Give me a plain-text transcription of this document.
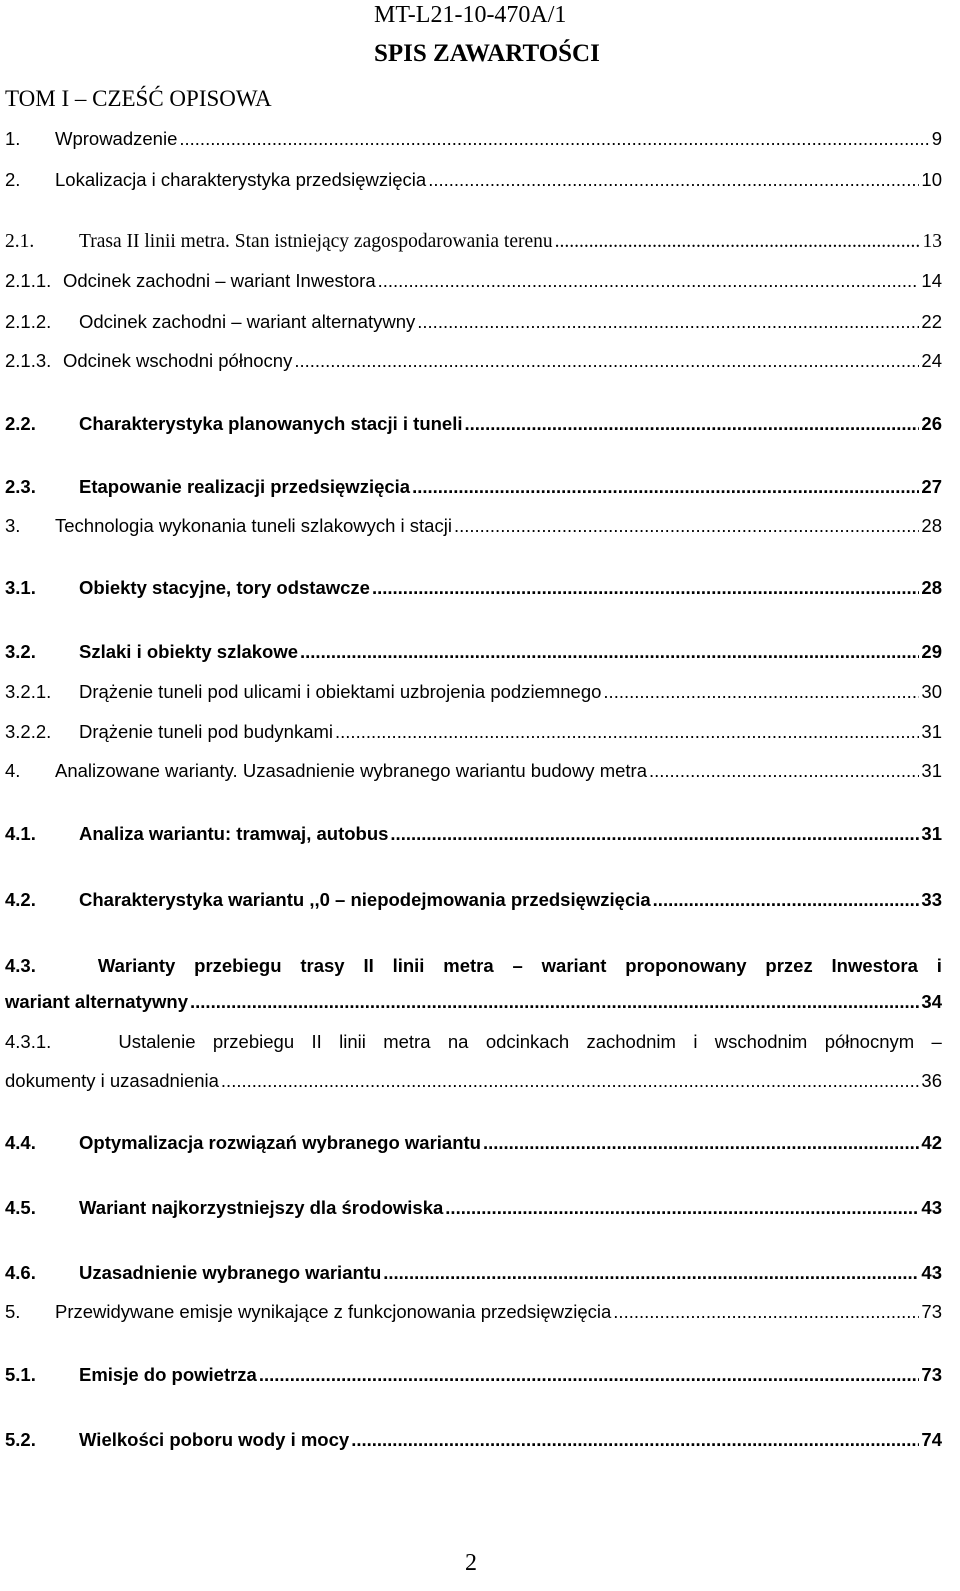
MT-L21-10-470A/1
SPIS ZAWARTOŚCI
TOM I – CZEŚĆ OPISOWA
1.	Wprowadzenie .....	9
2.	Lokalizacja i charakterystyka przedsięwzięcia .....	10
2.1.	Trasa II linii metra. Stan istniejący zagospodarowania terenu .....	13
2.1.1. Odcinek zachodni – wariant Inwestora .....	14
2.1.2.	Odcinek zachodni – wariant alternatywny .....	22
2.1.3. Odcinek wschodni północny .....	24
2.2.	Charakterystyka planowanych stacji i tuneli .....	26
2.3.	Etapowanie realizacji przedsięwzięcia .....	27
3.	Technologia wykonania tuneli szlakowych i stacji .....	28
3.1.	Obiekty stacyjne, tory odstawcze .....	28
3.2.	Szlaki i obiekty szlakowe .....	29
3.2.1.	Drążenie tuneli pod ulicami i obiektami uzbrojenia podziemnego .....	30
3.2.2.	Drążenie tuneli pod budynkami .....	31
4.	Analizowane warianty. Uzasadnienie wybranego wariantu budowy metra .....	31
4.1.	Analiza wariantu: tramwaj, autobus .....	31
4.2.	Charakterystyka wariantu ,,0 – niepodejmowania przedsięwzięcia .....	33
4.3.	Warianty przebiegu trasy II linii metra – wariant proponowany przez Inwestora i
wariant alternatywny .....	34
4.3.1.	Ustalenie przebiegu II linii metra na odcinkach zachodnim i wschodnim północnym –
dokumenty i uzasadnienia .....	36
4.4.	Optymalizacja rozwiązań wybranego wariantu .....	42
4.5.	Wariant najkorzystniejszy dla środowiska .....	43
4.6.	Uzasadnienie wybranego wariantu .....	43
5.	Przewidywane emisje wynikające z funkcjonowania przedsięwzięcia .....	73
5.1.	Emisje do powietrza .....	73
5.2.	Wielkości poboru wody i mocy .....	74
2
